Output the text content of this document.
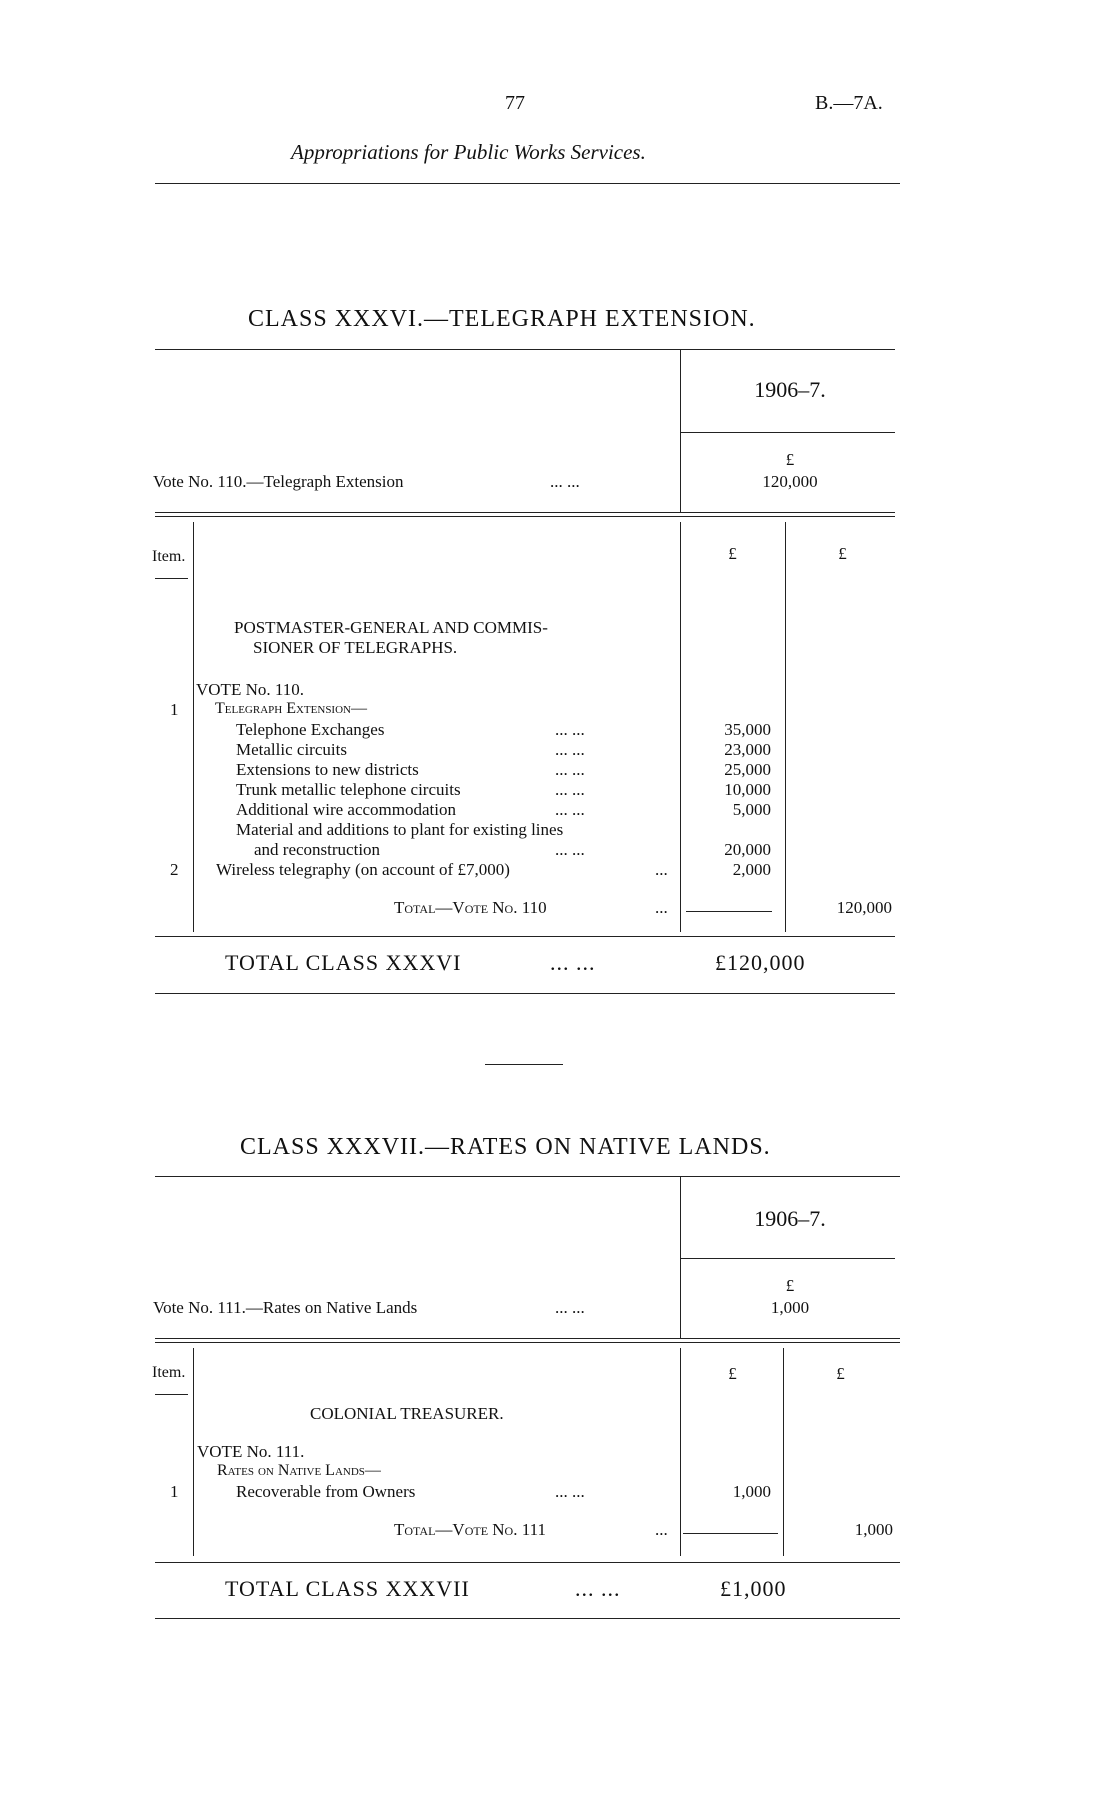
77	B.—7A.
Appropriations for Public Works Services.
CLASS XXXVI.—TELEGRAPH EXTENSION.
1906–7.
£
Vote No. 110.—Telegraph Extension	... ...	120,000
Item.	£	£
POSTMASTER-GENERAL AND COMMIS-
SIONER OF TELEGRAPHS.
VOTE No. 110.
1 Telegraph Extension—
Telephone Exchanges	... ...	35,000
Metallic circuits	... ...	23,000
Extensions to new districts	... ...	25,000
Trunk metallic telephone circuits	... ...	10,000
Additional wire accommodation	... ...	5,000
Material and additions to plant for existing lines
and reconstruction	... ...	20,000
2 Wireless telegraphy (on account of £7,000)	...	2,000
Total—Vote No. 110	...	120,000
TOTAL CLASS XXXVI	... ...	£120,000
CLASS XXXVII.—RATES ON NATIVE LANDS.
1906–7.
£
Vote No. 111.—Rates on Native Lands	... ...	1,000
Item.	£	£
COLONIAL TREASURER.
VOTE No. 111.
Rates on Native Lands—
1	Recoverable from Owners	... ...	1,000
Total—Vote No. 111	...	1,000
TOTAL CLASS XXXVII	... ...	£1,000
